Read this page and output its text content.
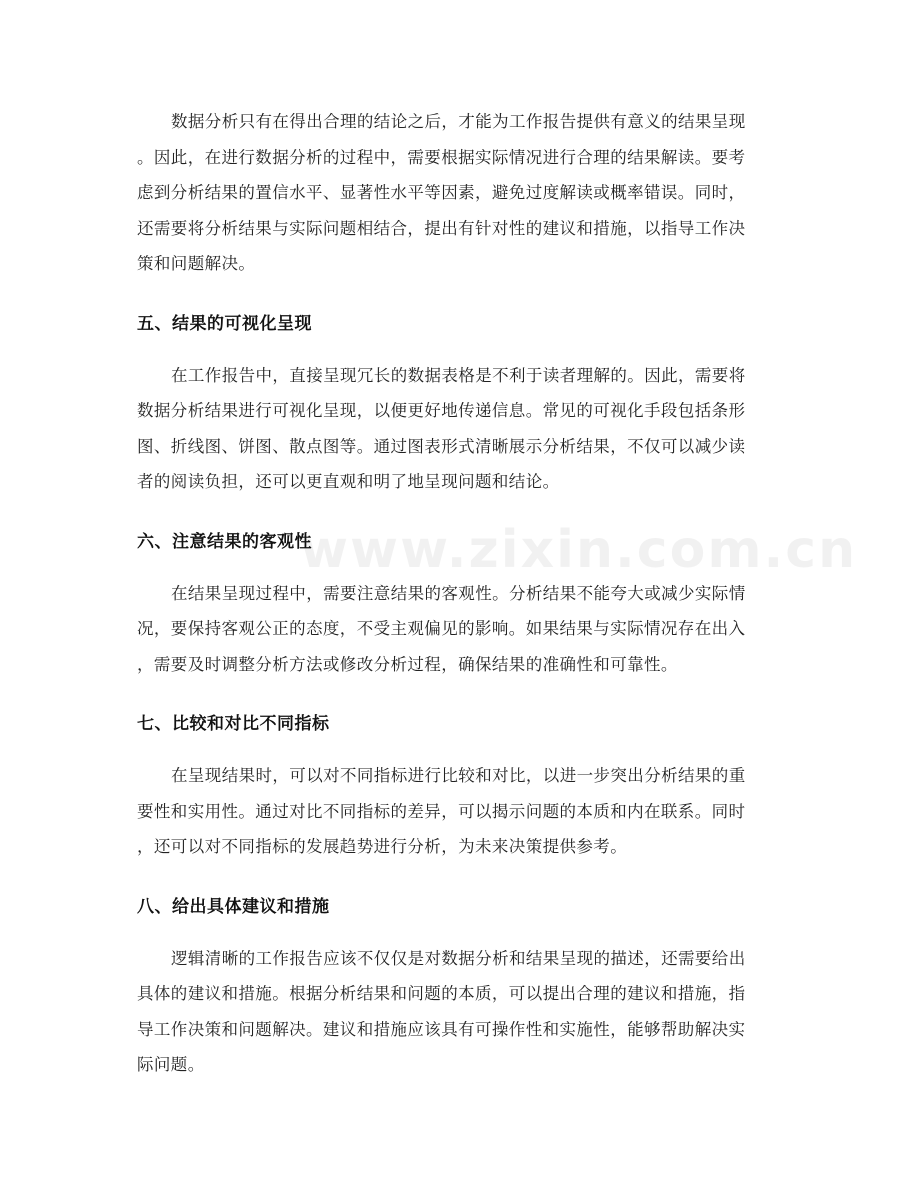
www.zixin.com.cn

数据分析只有在得出合理的结论之后，才能为工作报告提供有意义的结果呈现
。因此，在进行数据分析的过程中，需要根据实际情况进行合理的结果解读。要考
虑到分析结果的置信水平、显著性水平等因素，避免过度解读或概率错误。同时，
还需要将分析结果与实际问题相结合，提出有针对性的建议和措施，以指导工作决
策和问题解决。

五、结果的可视化呈现

在工作报告中，直接呈现冗长的数据表格是不利于读者理解的。因此，需要将
数据分析结果进行可视化呈现，以便更好地传递信息。常见的可视化手段包括条形
图、折线图、饼图、散点图等。通过图表形式清晰展示分析结果，不仅可以减少读
者的阅读负担，还可以更直观和明了地呈现问题和结论。

六、注意结果的客观性

在结果呈现过程中，需要注意结果的客观性。分析结果不能夸大或减少实际情
况，要保持客观公正的态度，不受主观偏见的影响。如果结果与实际情况存在出入
，需要及时调整分析方法或修改分析过程，确保结果的准确性和可靠性。

七、比较和对比不同指标

在呈现结果时，可以对不同指标进行比较和对比，以进一步突出分析结果的重
要性和实用性。通过对比不同指标的差异，可以揭示问题的本质和内在联系。同时
，还可以对不同指标的发展趋势进行分析，为未来决策提供参考。

八、给出具体建议和措施

逻辑清晰的工作报告应该不仅仅是对数据分析和结果呈现的描述，还需要给出
具体的建议和措施。根据分析结果和问题的本质，可以提出合理的建议和措施，指
导工作决策和问题解决。建议和措施应该具有可操作性和实施性，能够帮助解决实
际问题。
